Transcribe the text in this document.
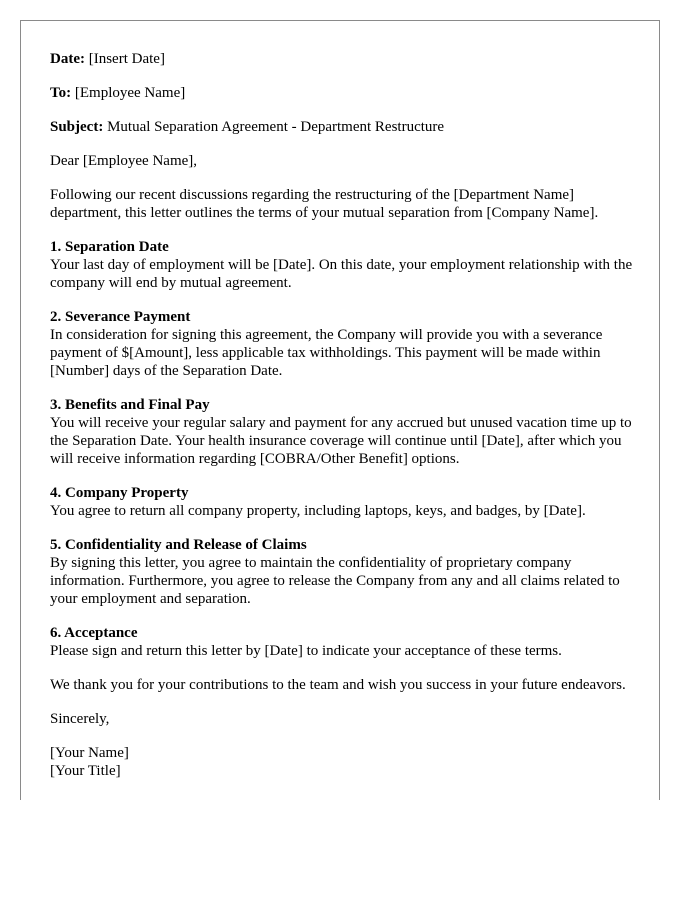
Date: [Insert Date]
To: [Employee Name]
Subject: Mutual Separation Agreement - Department Restructure
Dear [Employee Name],
Following our recent discussions regarding the restructuring of the [Department Name] department, this letter outlines the terms of your mutual separation from [Company Name].
1. Separation Date
Your last day of employment will be [Date]. On this date, your employment relationship with the company will end by mutual agreement.
2. Severance Payment
In consideration for signing this agreement, the Company will provide you with a severance payment of $[Amount], less applicable tax withholdings. This payment will be made within [Number] days of the Separation Date.
3. Benefits and Final Pay
You will receive your regular salary and payment for any accrued but unused vacation time up to the Separation Date. Your health insurance coverage will continue until [Date], after which you will receive information regarding [COBRA/Other Benefit] options.
4. Company Property
You agree to return all company property, including laptops, keys, and badges, by [Date].
5. Confidentiality and Release of Claims
By signing this letter, you agree to maintain the confidentiality of proprietary company information. Furthermore, you agree to release the Company from any and all claims related to your employment and separation.
6. Acceptance
Please sign and return this letter by [Date] to indicate your acceptance of these terms.
We thank you for your contributions to the team and wish you success in your future endeavors.
Sincerely,
[Your Name]
[Your Title]
